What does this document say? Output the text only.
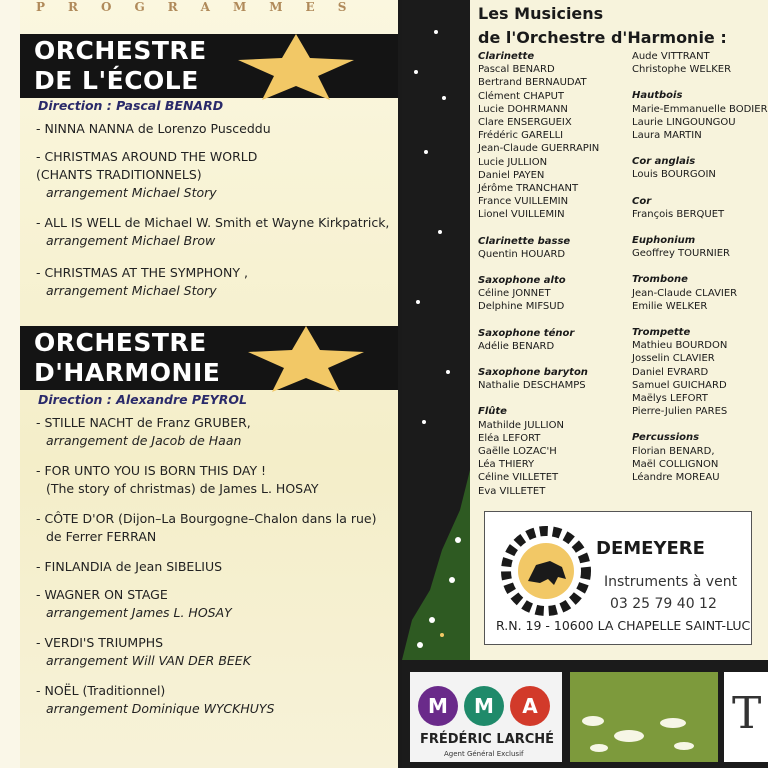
PROGRAMMES
ORCHESTRE
DE L'ÉCOLE
Direction : Pascal BENARD
- NINNA NANNA de Lorenzo Pusceddu
- CHRISTMAS AROUND THE WORLD
(CHANTS TRADITIONNELS)
arrangement Michael Story
- ALL IS WELL de Michael W. Smith et Wayne Kirkpatrick,
arrangement Michael Brow
- CHRISTMAS AT THE SYMPHONY ,
arrangement Michael Story
ORCHESTRE
D'HARMONIE
Direction : Alexandre PEYROL
- STILLE NACHT de Franz GRUBER,
arrangement de Jacob de Haan
- FOR UNTO YOU IS BORN THIS DAY !
(The story of christmas) de James L. HOSAY
- CÔTE D'OR (Dijon–La Bourgogne–Chalon dans la rue)
de Ferrer FERRAN
- FINLANDIA de Jean SIBELIUS
- WAGNER ON STAGE
arrangement James L. HOSAY
- VERDI'S TRIUMPHS
arrangement Will VAN DER BEEK
- NOËL (Traditionnel)
arrangement Dominique WYCKHUYS
Les Musiciens
de l'Orchestre d'Harmonie :
Clarinette
Pascal BENARD
Bertrand BERNAUDAT
Clément CHAPUT
Lucie DOHRMANN
Clare ENSERGUEIX
Frédéric GARELLI
Jean-Claude GUERRAPIN
Lucie JULLION
Daniel PAYEN
Jérôme TRANCHANT
France VUILLEMIN
Lionel VUILLEMIN
Clarinette basse
Quentin HOUARD
Saxophone alto
Céline JONNET
Delphine MIFSUD
Saxophone ténor
Adélie BENARD
Saxophone baryton
Nathalie DESCHAMPS
Flûte
Mathilde JULLION
Eléa LEFORT
Gaëlle LOZAC'H
Léa THIERY
Céline VILLETET
Eva VILLETET
Aude VITTRANT
Christophe WELKER
Hautbois
Marie-Emmanuelle BODIER
Laurie LINGOUNGOU
Laura MARTIN
Cor anglais
Louis BOURGOIN
Cor
François BERQUET
Euphonium
Geoffrey TOURNIER
Trombone
Jean-Claude CLAVIER
Emilie WELKER
Trompette
Mathieu BOURDON
Josselin CLAVIER
Daniel EVRARD
Samuel GUICHARD
Maëlys LEFORT
Pierre-Julien PARES
Percussions
Florian BENARD,
Maël COLLIGNON
Léandre MOREAU
DEMEYERE
Instruments à vent
03 25 79 40 12
R.N. 19 - 10600 LA CHAPELLE SAINT-LUC
M	M	A
FRÉDÉRIC LARCHÉ
Agent Général Exclusif
T
